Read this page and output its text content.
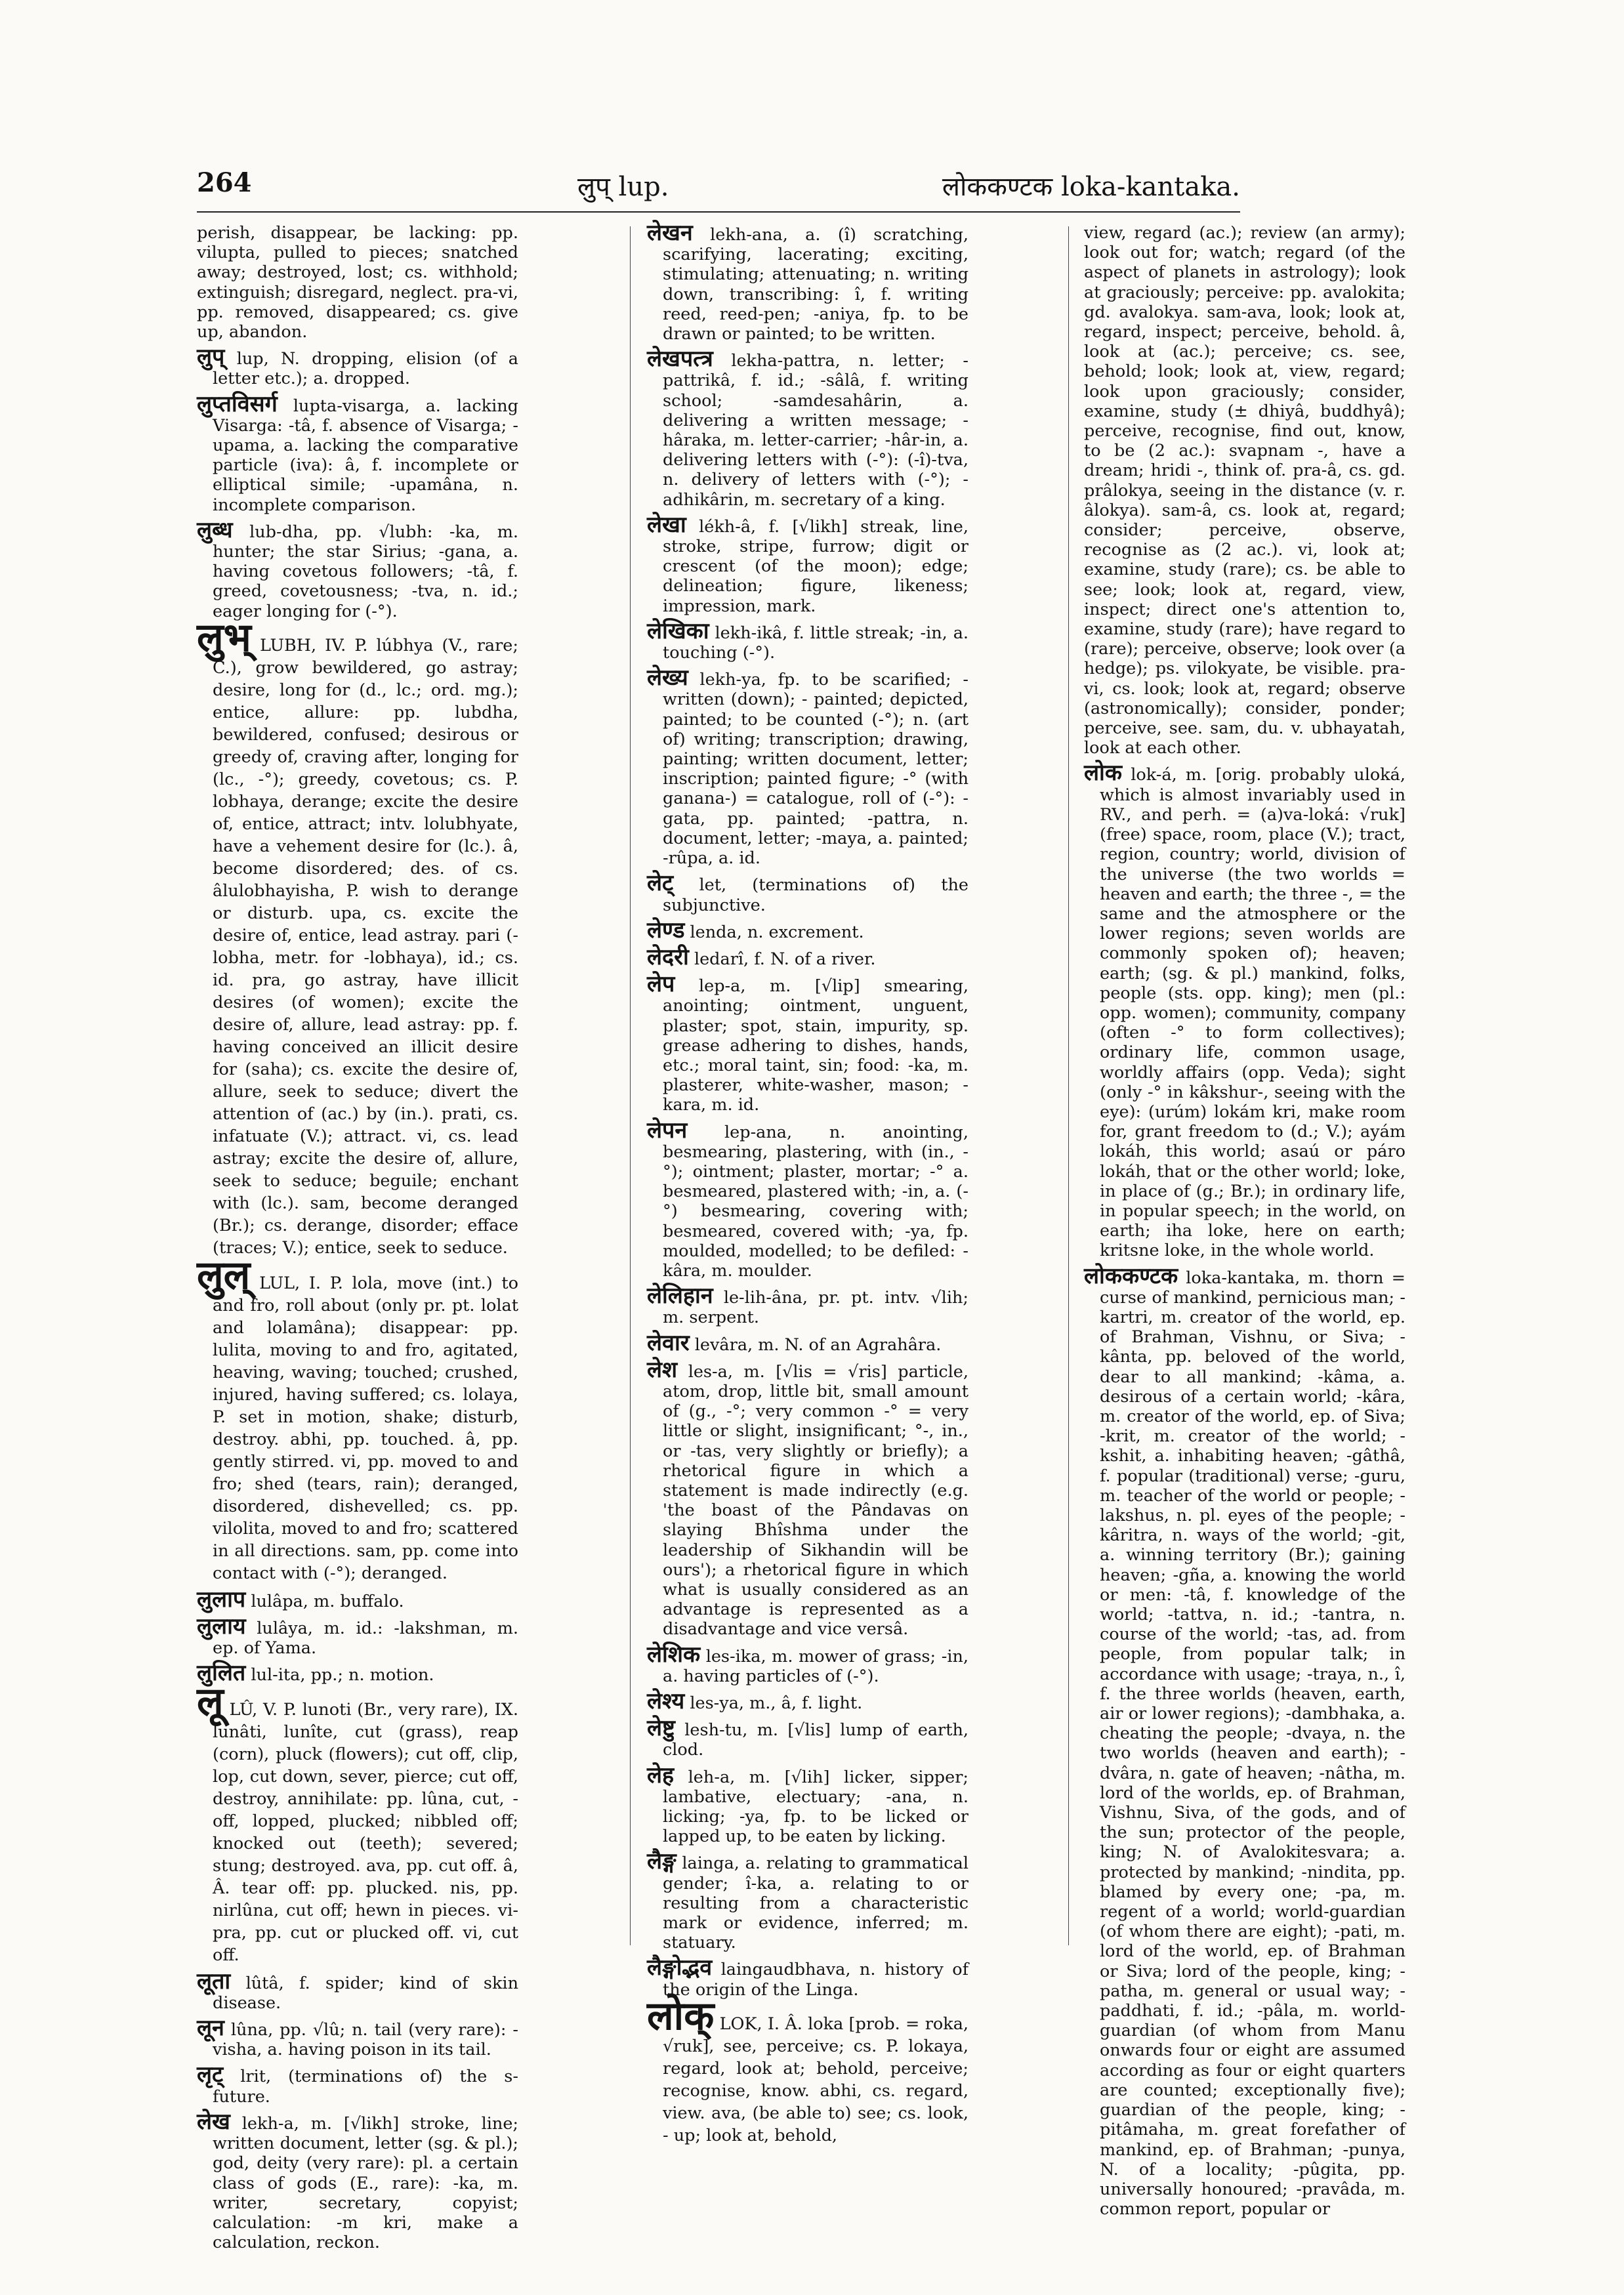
264	लुप् lup.	लोककण्टक loka-kantaka.

perish, disappear, be lacking: pp. vilupta, pulled to pieces; snatched away; destroyed, lost; cs. withhold; extinguish; disregard, neglect. pra-vi, pp. removed, disappeared; cs. give up, abandon.

लुप् lup, N. dropping, elision (of a letter etc.); a. dropped.

लुप्तविसर्ग lupta-visarga, a. lacking Visarga: -tâ, f. absence of Visarga; -upama, a. lacking the comparative particle (iva): â, f. incomplete or elliptical simile; -upamâna, n. incomplete comparison.

लुब्ध lub-dha, pp. √lubh: -ka, m. hunter; the star Sirius; -gana, a. having covetous followers; -tâ, f. greed, covetousness; -tva, n. id.; eager longing for (-°).

लुभ् LUBH, IV. P. lúbhya (V., rare; C.), grow bewildered, go astray; desire, long for (d., lc.; ord. mg.); entice, allure: pp. lubdha, bewildered, confused; desirous or greedy of, craving after, longing for (lc., -°); greedy, covetous; cs. P. lobhaya, derange; excite the desire of, entice, attract; intv. lolubhyate, have a vehement desire for (lc.). â, become disordered; des. of cs. âlulobhayisha, P. wish to derange or disturb. upa, cs. excite the desire of, entice, lead astray. pari (-lobha, metr. for -lobhaya), id.; cs. id. pra, go astray, have illicit desires (of women); excite the desire of, allure, lead astray: pp. f. having conceived an illicit desire for (saha); cs. excite the desire of, allure, seek to seduce; divert the attention of (ac.) by (in.). prati, cs. infatuate (V.); attract. vi, cs. lead astray; excite the desire of, allure, seek to seduce; beguile; enchant with (lc.). sam, become deranged (Br.); cs. derange, disorder; efface (traces; V.); entice, seek to seduce.

लुल् LUL, I. P. lola, move (int.) to and fro, roll about (only pr. pt. lolat and lolamâna); disappear: pp. lulita, moving to and fro, agitated, heaving, waving; touched; crushed, injured, having suffered; cs. lolaya, P. set in motion, shake; disturb, destroy. abhi, pp. touched. â, pp. gently stirred. vi, pp. moved to and fro; shed (tears, rain); deranged, disordered, dishevelled; cs. pp. vilolita, moved to and fro; scattered in all directions. sam, pp. come into contact with (-°); deranged.

लुलाप lulâpa, m. buffalo.

लुलाय lulâya, m. id.: -lakshman, m. ep. of Yama.

लुलित lul-ita, pp.; n. motion.

लू LÛ, V. P. lunoti (Br., very rare), IX. lunâti, lunîte, cut (grass), reap (corn), pluck (flowers); cut off, clip, lop, cut down, sever, pierce; cut off, destroy, annihilate: pp. lûna, cut, - off, lopped, plucked; nibbled off; knocked out (teeth); severed; stung; destroyed. ava, pp. cut off. â, Â. tear off: pp. plucked. nis, pp. nirlûna, cut off; hewn in pieces. vi-pra, pp. cut or plucked off. vi, cut off.

लूता lûtâ, f. spider; kind of skin disease.

लून lûna, pp. √lû; n. tail (very rare): -visha, a. having poison in its tail.

लृट् lrit, (terminations of) the s- future.

लेख lekh-a, m. [√likh] stroke, line; written document, letter (sg. & pl.); god, deity (very rare): pl. a certain class of gods (E., rare): -ka, m. writer, secretary, copyist; calculation: -m kri, make a calculation, reckon.

लेखन lekh-ana, a. (î) scratching, scarifying, lacerating; exciting, stimulating; attenuating; n. writing down, transcribing: î, f. writing reed, reed-pen; -aniya, fp. to be drawn or painted; to be written.

लेखपत्त्र lekha-pattra, n. letter; -pattrikâ, f. id.; -sâlâ, f. writing school; -samdesahârin, a. delivering a written message; -hâraka, m. letter-carrier; -hâr-in, a. delivering letters with (-°): (-î)-tva, n. delivery of letters with (-°); -adhikârin, m. secretary of a king.

लेखा lékh-â, f. [√likh] streak, line, stroke, stripe, furrow; digit or crescent (of the moon); edge; delineation; figure, likeness; impression, mark.

लेखिका lekh-ikâ, f. little streak; -in, a. touching (-°).

लेख्य lekh-ya, fp. to be scarified; - written (down); - painted; depicted, painted; to be counted (-°); n. (art of) writing; transcription; drawing, painting; written document, letter; inscription; painted figure; -° (with ganana-) = catalogue, roll of (-°): -gata, pp. painted; -pattra, n. document, letter; -maya, a. painted; -rûpa, a. id.

लेट् let, (terminations of) the subjunctive.

लेण्ड lenda, n. excrement.

लेदरी ledarî, f. N. of a river.

लेप lep-a, m. [√lip] smearing, anointing; ointment, unguent, plaster; spot, stain, impurity, sp. grease adhering to dishes, hands, etc.; moral taint, sin; food: -ka, m. plasterer, white-washer, mason; -kara, m. id.

लेपन lep-ana, n. anointing, besmearing, plastering, with (in., -°); ointment; plaster, mortar; -° a. besmeared, plastered with; -in, a. (-°) besmearing, covering with; besmeared, covered with; -ya, fp. moulded, modelled; to be defiled: -kâra, m. moulder.

लेलिहान le-lih-âna, pr. pt. intv. √lih; m. serpent.

लेवार levâra, m. N. of an Agrahâra.

लेश les-a, m. [√lis = √ris] particle, atom, drop, little bit, small amount of (g., -°; very common -° = very little or slight, insignificant; °-, in., or -tas, very slightly or briefly); a rhetorical figure in which a statement is made indirectly (e.g. 'the boast of the Pândavas on slaying Bhîshma under the leadership of Sikhandin will be ours'); a rhetorical figure in which what is usually considered as an advantage is represented as a disadvantage and vice versâ.

लेशिक les-ika, m. mower of grass; -in, a. having particles of (-°).

लेश्य les-ya, m., â, f. light.

लेष्टु lesh-tu, m. [√lis] lump of earth, clod.

लेह leh-a, m. [√lih] licker, sipper; lambative, electuary; -ana, n. licking; -ya, fp. to be licked or lapped up, to be eaten by licking.

लैङ्ग lainga, a. relating to grammatical gender; î-ka, a. relating to or resulting from a characteristic mark or evidence, inferred; m. statuary.

लैङ्गोद्भव laingaudbhava, n. history of the origin of the Linga.

लोक् LOK, I. Â. loka [prob. = roka, √ruk], see, perceive; cs. P. lokaya, regard, look at; behold, perceive; recognise, know. abhi, cs. regard, view. ava, (be able to) see; cs. look, - up; look at, behold,

view, regard (ac.); review (an army); look out for; watch; regard (of the aspect of planets in astrology); look at graciously; perceive: pp. avalokita; gd. avalokya. sam-ava, look; look at, regard, inspect; perceive, behold. â, look at (ac.); perceive; cs. see, behold; look; look at, view, regard; look upon graciously; consider, examine, study (± dhiyâ, buddhyâ); perceive, recognise, find out, know, to be (2 ac.): svapnam -, have a dream; hridi -, think of. pra-â, cs. gd. prâlokya, seeing in the distance (v. r. âlokya). sam-â, cs. look at, regard; consider; perceive, observe, recognise as (2 ac.). vi, look at; examine, study (rare); cs. be able to see; look; look at, regard, view, inspect; direct one's attention to, examine, study (rare); have regard to (rare); perceive, observe; look over (a hedge); ps. vilokyate, be visible. pra-vi, cs. look; look at, regard; observe (astronomically); consider, ponder; perceive, see. sam, du. v. ubhayatah, look at each other.

लोक lok-á, m. [orig. probably uloká, which is almost invariably used in RV., and perh. = (a)va-loká: √ruk] (free) space, room, place (V.); tract, region, country; world, division of the universe (the two worlds = heaven and earth; the three -, = the same and the atmosphere or the lower regions; seven worlds are commonly spoken of); heaven; earth; (sg. & pl.) mankind, folks, people (sts. opp. king); men (pl.: opp. women); community, company (often -° to form collectives); ordinary life, common usage, worldly affairs (opp. Veda); sight (only -° in kâkshur-, seeing with the eye): (urúm) lokám kri, make room for, grant freedom to (d.; V.); ayám lokáh, this world; asaú or páro lokáh, that or the other world; loke, in place of (g.; Br.); in ordinary life, in popular speech; in the world, on earth; iha loke, here on earth; kritsne loke, in the whole world.

लोककण्टक loka-kantaka, m. thorn = curse of mankind, pernicious man; -kartri, m. creator of the world, ep. of Brahman, Vishnu, or Siva; -kânta, pp. beloved of the world, dear to all mankind; -kâma, a. desirous of a certain world; -kâra, m. creator of the world, ep. of Siva; -krit, m. creator of the world; -kshit, a. inhabiting heaven; -gâthâ, f. popular (traditional) verse; -guru, m. teacher of the world or people; -lakshus, n. pl. eyes of the people; -kâritra, n. ways of the world; -git, a. winning territory (Br.); gaining heaven; -gña, a. knowing the world or men: -tâ, f. knowledge of the world; -tattva, n. id.; -tantra, n. course of the world; -tas, ad. from people, from popular talk; in accordance with usage; -traya, n., î, f. the three worlds (heaven, earth, air or lower regions); -dambhaka, a. cheating the people; -dvaya, n. the two worlds (heaven and earth); -dvâra, n. gate of heaven; -nâtha, m. lord of the worlds, ep. of Brahman, Vishnu, Siva, of the gods, and of the sun; protector of the people, king; N. of Avalokitesvara; a. protected by mankind; -nindita, pp. blamed by every one; -pa, m. regent of a world; world-guardian (of whom there are eight); -pati, m. lord of the world, ep. of Brahman or Siva; lord of the people, king; -patha, m. general or usual way; -paddhati, f. id.; -pâla, m. world-guardian (of whom from Manu onwards four or eight are assumed according as four or eight quarters are counted; exceptionally five); guardian of the people, king; -pitâmaha, m. great forefather of mankind, ep. of Brahman; -punya, N. of a locality; -pûgita, pp. universally honoured; -pravâda, m. common report, popular or
